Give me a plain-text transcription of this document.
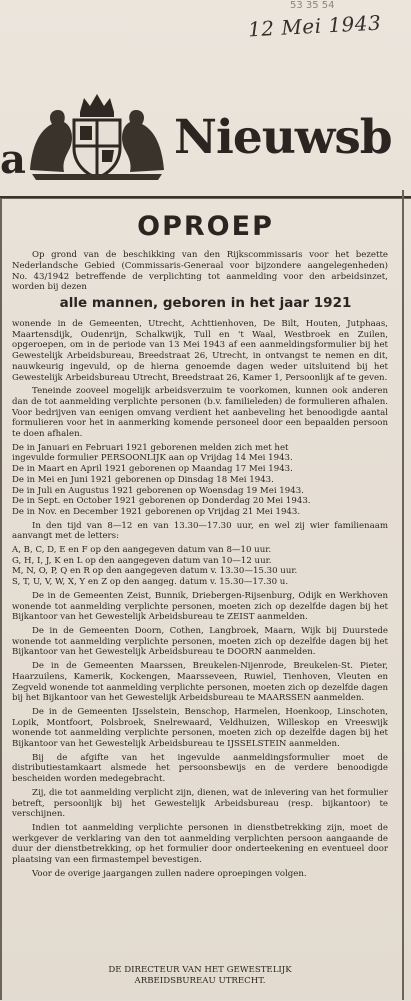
53 35 54
12 Mei 1943
a	Nieuwsb
OPROEP

Op grond van de beschikking van den Rijkscommissaris voor het bezette Nederlandsche Gebied (Commissaris-Generaal voor bijzondere aangelegenheden) No. 43/1942 betreffende de verplichting tot aanmelding voor den arbeidsinzet, worden bij dezen

alle mannen, geboren in het jaar 1921

wonende in de Gemeenten, Utrecht, Achttienhoven, De Bilt, Houten, Jutphaas, Maartensdijk, Oudenrijn, Schalkwijk, Tull en 't Waal, Westbroek en Zuilen, opgeroepen, om in de periode van 13 Mei 1943 af een aanmeldingsformulier bij het Gewestelijk Arbeidsbureau, Breedstraat 26, Utrecht, in ontvangst te nemen en dit, nauwkeurig ingevuld, op de hierna genoemde dagen weder uitsluitend bij het Gewestelijk Arbeidsbureau Utrecht, Breedstraat 26, Kamer 1, Persoonlijk af te geven.

Teneinde zooveel mogelijk arbeidsverzuim te voorkomen, kunnen ook anderen dan de tot aanmelding verplichte personen (b.v. familieleden) de formulieren afhalen. Voor bedrijven van eenigen omvang verdient het aanbeveling het benoodigde aantal formulieren voor het in aanmerking komende personeel door een bepaalden persoon te doen afhalen.

De in Januari en Februari 1921 geborenen melden zich met het
ingevulde formulier PERSOONLIJK aan op Vrijdag 14 Mei 1943.
De in Maart en April 1921 geborenen op Maandag 17 Mei 1943.
De in Mei en Juni 1921 geborenen op Dinsdag 18 Mei 1943.
De in Juli en Augustus 1921 geborenen op Woensdag 19 Mei 1943.
De in Sept. en October 1921 geborenen op Donderdag 20 Mei 1943.
De in Nov. en December 1921 geborenen op Vrijdag 21 Mei 1943.

In den tijd van 8—12 en van 13.30—17.30 uur, en wel zij wier familienaam aanvangt met de letters:

A, B, C, D, E en F op den aangegeven datum van 8—10 uur.
G, H, I, J, K en L op den aangegeven datum van 10—12 uur.
M, N, O, P, Q en R op den aangegeven datum v. 13.30—15.30 uur.
S, T, U, V, W, X, Y en Z op den aangeg. datum v. 15.30—17.30 u.

De in de Gemeenten Zeist, Bunnik, Driebergen-Rijsenburg, Odijk en Werkhoven wonende tot aanmelding verplichte personen, moeten zich op dezelfde dagen bij het Bijkantoor van het Gewestelijk Arbeidsbureau te ZEIST aanmelden.

De in de Gemeenten Doorn, Cothen, Langbroek, Maarn, Wijk bij Duurstede wonende tot aanmelding verplichte personen, moeten zich op dezelfde dagen bij het Bijkantoor van het Gewestelijk Arbeidsbureau te DOORN aanmelden.

De in de Gemeenten Maarssen, Breukelen-Nijenrode, Breukelen-St. Pieter, Haarzuilens, Kamerik, Kockengen, Maarsseveen, Ruwiel, Tienhoven, Vleuten en Zegveld wonende tot aanmelding verplichte personen, moeten zich op dezelfde dagen bij het Bijkantoor van het Gewestelijk Arbeidsbureau te MAARSSEN aanmelden.

De in de Gemeenten IJsselstein, Benschop, Harmelen, Hoenkoop, Linschoten, Lopik, Montfoort, Polsbroek, Snelrewaard, Veldhuizen, Willeskop en Vreeswijk wonende tot aanmelding verplichte personen, moeten zich op dezelfde dagen bij het Bijkantoor van het Gewestelijk Arbeidsbureau te IJSSELSTEIN aanmelden.

Bij de afgifte van het ingevulde aanmeldingsformulier moet de distributiestamkaart alsmede het persoonsbewijs en de verdere benoodigde bescheiden worden medegebracht.

Zij, die tot aanmelding verplicht zijn, dienen, wat de inlevering van het formulier betreft, persoonlijk bij het Gewestelijk Arbeidsbureau (resp. bijkantoor) te verschijnen.

Indien tot aanmelding verplichte personen in dienstbetrekking zijn, moet de werkgever de verklaring van den tot aanmelding verplichten persoon aangaande de duur der dienstbetrekking, op het formulier door onderteekening en eventueel door plaatsing van een firmastempel bevestigen.

Voor de overige jaargangen zullen nadere oproepingen volgen.

DE DIRECTEUR VAN HET GEWESTELIJK
ARBEIDSBUREAU UTRECHT.
